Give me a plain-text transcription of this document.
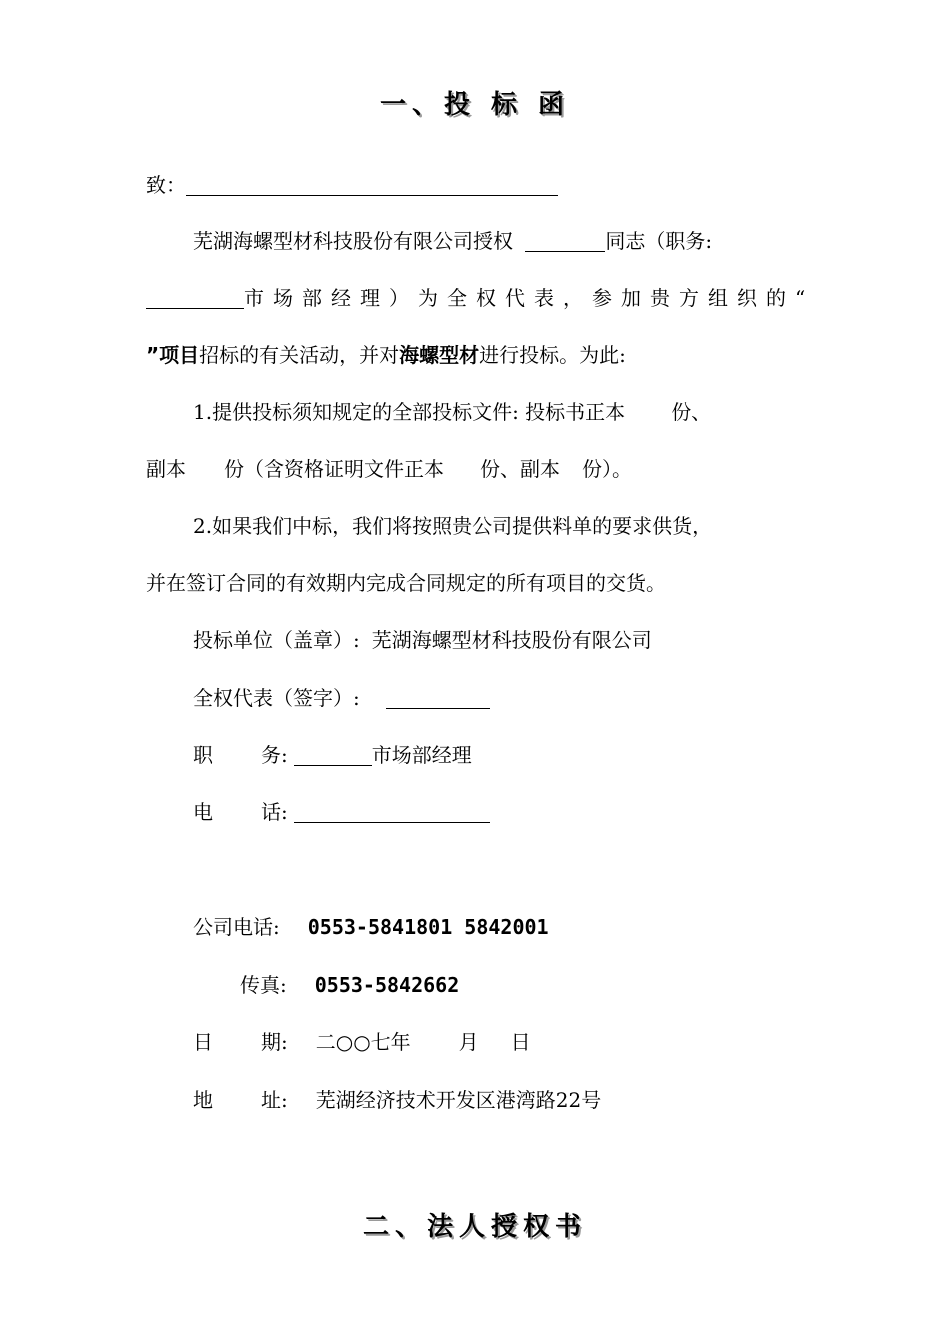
一、投 标 函
致：
芜湖海螺型材科技股份有限公司授权	同志（职务:
市场部经理）为全权代表，参加贵方组织的“
”项目招标的有关活动，并对海螺型材进行投标。为此:
1.提供投标须知规定的全部投标文件: 投标书正本 份、
副本 份（含资格证明文件正本 份、副本 份）。
2.如果我们中标，我们将按照贵公司提供料单的要求供货，
并在签订合同的有效期内完成合同规定的所有项目的交货。
投标单位（盖章）: 芜湖海螺型材科技股份有限公司
全权代表（签字）:
职 务:	市场部经理
电 话:
公司电话: 0553-5841801 5842001
传真: 0553-5842662
日 期: 二○○七年 月 日
地 址: 芜湖经济技术开发区港湾路22号
二、法人授权书
